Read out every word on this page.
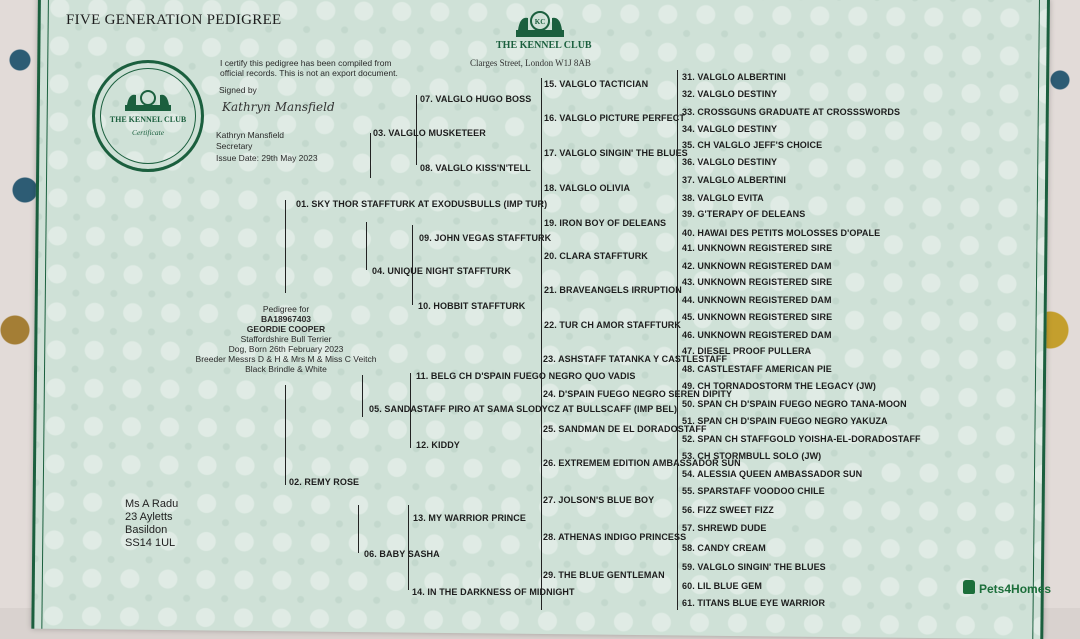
FIVE GENERATION PEDIGREE	KC
THE KENNEL CLUB
Clarges Street, London W1J 8AB
THE KENNEL CLUB
Certificate
I certify this pedigree has been compiled from
official records. This is not an export document.
Signed by
Kathryn Mansfield
Kathryn Mansfield
Secretary
Issue Date: 29th May 2023
Pedigree for
BA18967403
GEORDIE COOPER
Staffordshire Bull Terrier
Dog, Born 26th February 2023
Breeder Messrs D & H & Mrs M & Miss C Veitch
Black Brindle & White
Ms A Radu
23 Ayletts
Basildon
SS14 1UL
01. SKY THOR STAFFTURK AT EXODUSBULLS (IMP TUR)
02. REMY ROSE
03. VALGLO MUSKETEER
04. UNIQUE NIGHT STAFFTURK
05. SANDASTAFF PIRO AT SAMA SLODYCZ AT BULLSCAFF (IMP BEL)
06. BABY SASHA
07. VALGLO HUGO BOSS
08. VALGLO KISS'N'TELL
09. JOHN VEGAS STAFFTURK
10. HOBBIT STAFFTURK
11. BELG CH D'SPAIN FUEGO NEGRO QUO VADIS
12. KIDDY
13. MY WARRIOR PRINCE
14. IN THE DARKNESS OF MIDNIGHT
15. VALGLO TACTICIAN
16. VALGLO PICTURE PERFECT
17. VALGLO SINGIN' THE BLUES
18. VALGLO OLIVIA
19. IRON BOY OF DELEANS
20. CLARA STAFFTURK
21. BRAVEANGELS IRRUPTION
22. TUR CH AMOR STAFFTURK
23. ASHSTAFF TATANKA Y CASTLESTAFF
24. D'SPAIN FUEGO NEGRO SEREN DIPITY
25. SANDMAN DE EL DORADOSTAFF
26. EXTREMEM EDITION AMBASSADOR SUN
27. JOLSON'S BLUE BOY
28. ATHENAS INDIGO PRINCESS
29. THE BLUE GENTLEMAN
31. VALGLO ALBERTINI
32. VALGLO DESTINY
33. CROSSGUNS GRADUATE AT CROSSSWORDS
34. VALGLO DESTINY
35. CH VALGLO JEFF'S CHOICE
36. VALGLO DESTINY
37. VALGLO ALBERTINI
38. VALGLO EVITA
39. G'TERAPY OF DELEANS
40. HAWAI DES PETITS MOLOSSES D'OPALE
41. UNKNOWN REGISTERED SIRE
42. UNKNOWN REGISTERED DAM
43. UNKNOWN REGISTERED SIRE
44. UNKNOWN REGISTERED DAM
45. UNKNOWN REGISTERED SIRE
46. UNKNOWN REGISTERED DAM
47. DIESEL PROOF PULLERA
48. CASTLESTAFF AMERICAN PIE
49. CH TORNADOSTORM THE LEGACY (JW)
50. SPAN CH D'SPAIN FUEGO NEGRO TANA-MOON
51. SPAN CH D'SPAIN FUEGO NEGRO YAKUZA
52. SPAN CH STAFFGOLD YOISHA-EL-DORADOSTAFF
53. CH STORMBULL SOLO (JW)
54. ALESSIA QUEEN AMBASSADOR SUN
55. SPARSTAFF VOODOO CHILE
56. FIZZ SWEET FIZZ
57. SHREWD DUDE
58. CANDY CREAM
59. VALGLO SINGIN' THE BLUES
60. LIL BLUE GEM
61. TITANS BLUE EYE WARRIOR
Pets4Homes
